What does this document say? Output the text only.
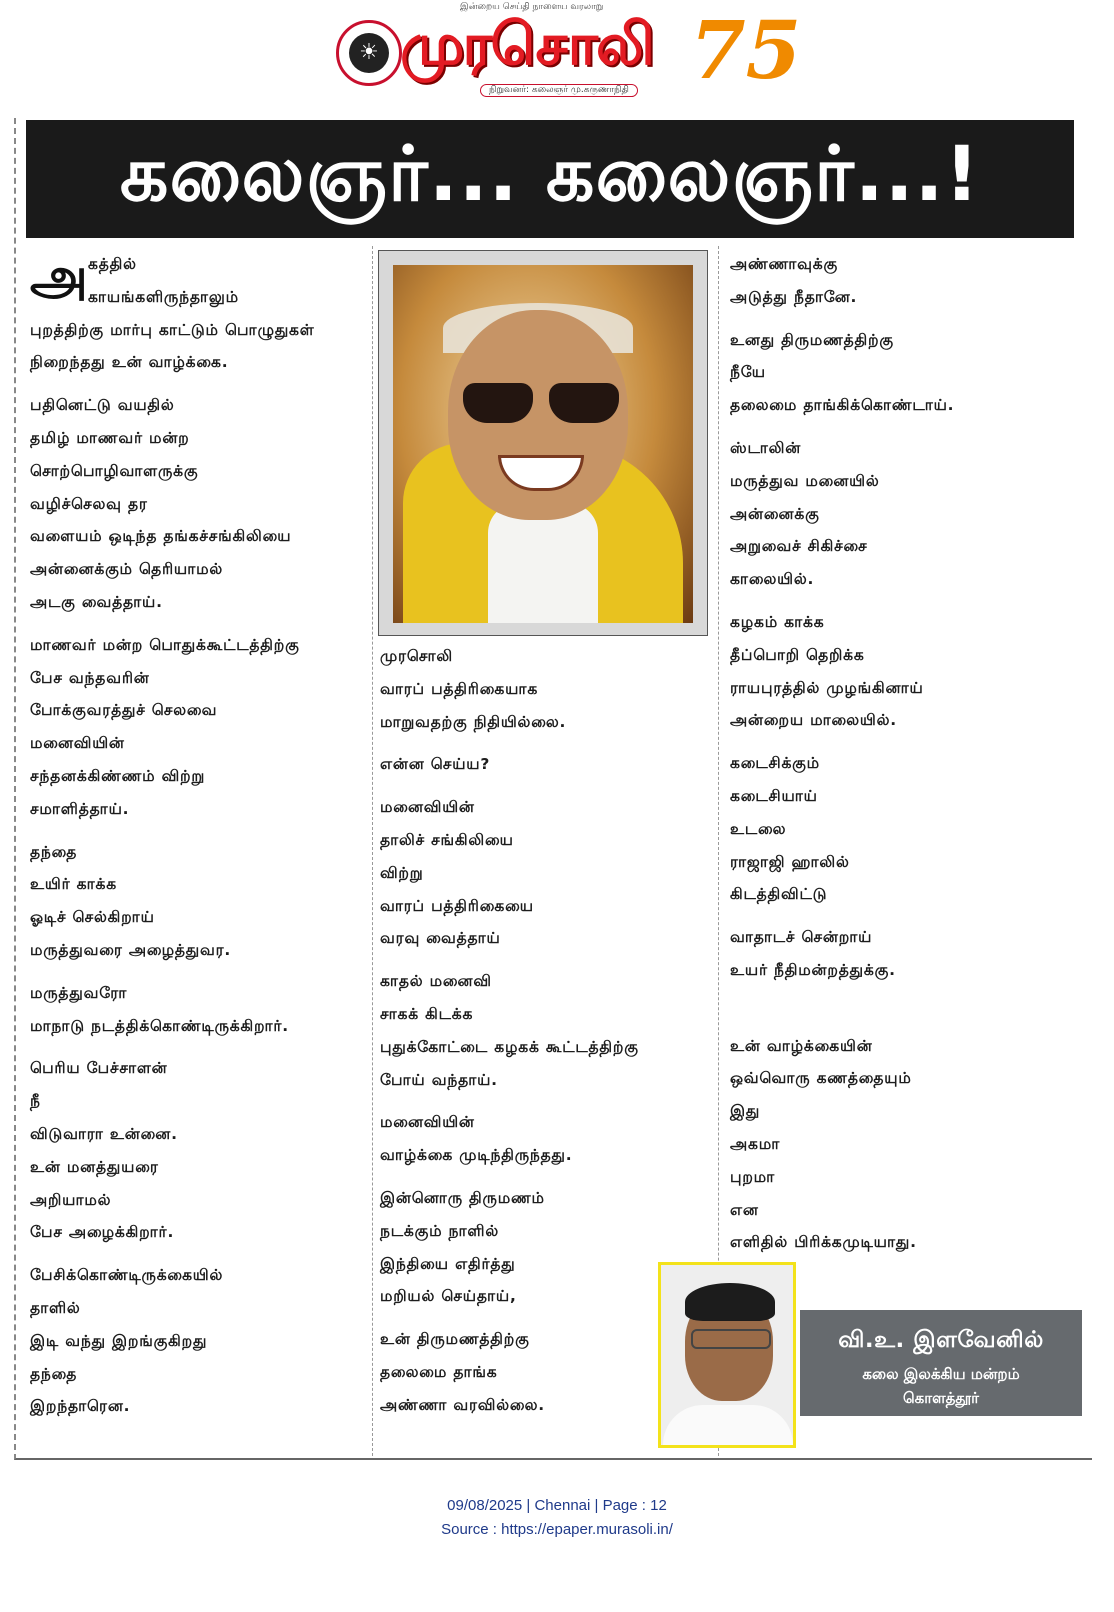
இன்றைய செய்தி நாளைய வரலாறு
☀ முரசொலி
நிறுவனர்: கலைஞர் மு.கருணாநிதி 75
கலைஞர்... கலைஞர்...!
அ கத்தில்
காயங்களிருந்தாலும்
புறத்திற்கு மார்பு காட்டும் பொழுதுகள்
நிறைந்தது உன் வாழ்க்கை.
பதினெட்டு வயதில்
தமிழ் மாணவர் மன்ற
சொற்பொழிவாளருக்கு
வழிச்செலவு தர
வளையம் ஒடிந்த தங்கச்சங்கிலியை
அன்னைக்கும் தெரியாமல்
அடகு வைத்தாய்.
மாணவர் மன்ற பொதுக்கூட்டத்திற்கு
பேச வந்தவரின்
போக்குவரத்துச் செலவை
மனைவியின்
சந்தனக்கிண்ணம் விற்று
சமாளித்தாய்.
தந்தை
உயிர் காக்க
ஓடிச் செல்கிறாய்
மருத்துவரை அழைத்துவர.
மருத்துவரோ
மாநாடு நடத்திக்கொண்டிருக்கிறார்.
பெரிய பேச்சாளன்
நீ
விடுவாரா உன்னை.
உன் மனத்துயரை
அறியாமல்
பேச அழைக்கிறார்.
பேசிக்கொண்டிருக்கையில்
தாளில்
இடி வந்து இறங்குகிறது
தந்தை
இறந்தாரென.
முரசொலி
வாரப் பத்திரிகையாக
மாறுவதற்கு நிதியில்லை.
என்ன செய்ய?
மனைவியின்
தாலிச் சங்கிலியை
விற்று
வாரப் பத்திரிகையை
வரவு வைத்தாய்
காதல் மனைவி
சாகக் கிடக்க
புதுக்கோட்டை கழகக் கூட்டத்திற்கு
போய் வந்தாய்.
மனைவியின்
வாழ்க்கை முடிந்திருந்தது.
இன்னொரு திருமணம்
நடக்கும் நாளில்
இந்தியை எதிர்த்து
மறியல் செய்தாய்,
உன் திருமணத்திற்கு
தலைமை தாங்க
அண்ணா வரவில்லை.
அண்ணாவுக்கு
அடுத்து நீதானே.
உனது திருமணத்திற்கு
நீயே
தலைமை தாங்கிக்கொண்டாய்.
ஸ்டாலின்
மருத்துவ மனையில்
அன்னைக்கு
அறுவைச் சிகிச்சை
காலையில்.
கழகம் காக்க
தீப்பொறி தெறிக்க
ராயபுரத்தில் முழங்கினாய்
அன்றைய மாலையில்.
கடைசிக்கும்
கடைசியாய்
உடலை
ராஜாஜி ஹாலில்
கிடத்திவிட்டு
வாதாடச் சென்றாய்
உயர் நீதிமன்றத்துக்கு.
உன் வாழ்க்கையின்
ஒவ்வொரு கணத்தையும்
இது
அகமா
புறமா
என
எளிதில் பிரிக்கமுடியாது.
வி.உ. இளவேனில்
கலை இலக்கிய மன்றம்
கொளத்தூர்
09/08/2025 | Chennai | Page : 12
Source : https://epaper.murasoli.in/
